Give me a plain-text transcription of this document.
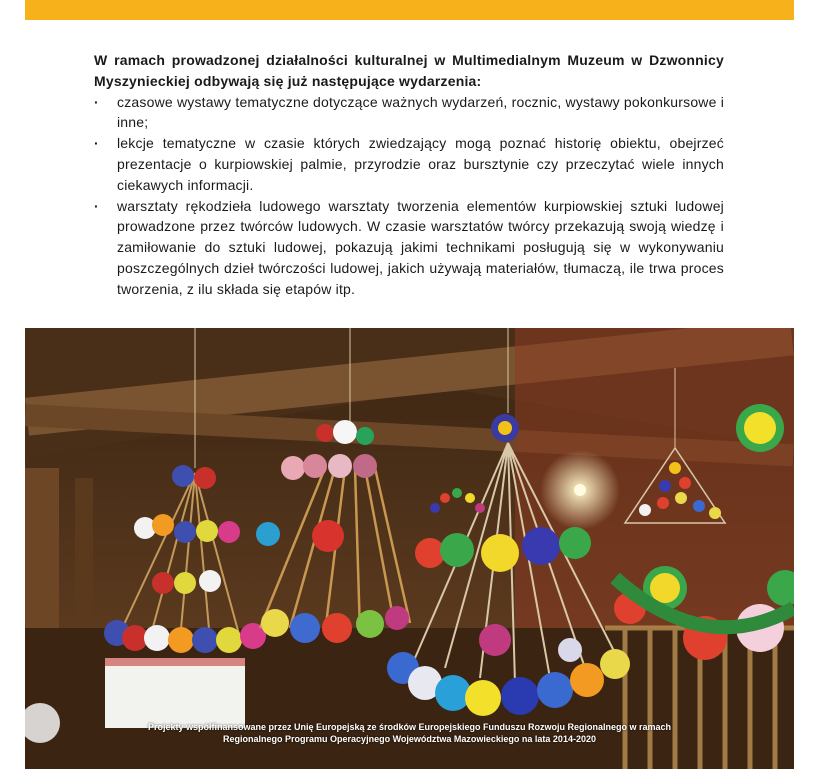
W ramach prowadzonej działalności kulturalnej w Multimedialnym Muzeum w Dzwonnicy Myszynieckiej odbywają się już następujące wydarzenia:

·	czasowe wystawy tematyczne dotyczące ważnych wydarzeń, rocznic, wystawy pokonkursowe i inne;
·	lekcje tematyczne w czasie których zwiedzający mogą poznać historię obiektu, obejrzeć prezentacje o kurpiowskiej palmie, przyrodzie oraz bursztynie czy przeczytać wiele innych ciekawych informacji.
·	warsztaty rękodzieła ludowego warsztaty tworzenia elementów kurpiowskiej sztuki ludowej prowadzone przez twórców ludowych. W czasie warsztatów twórcy przekazują swoją wiedzę i zamiłowanie do sztuki ludowej, pokazują jakimi technikami posługują się w wykonywaniu poszczególnych dzieł twórczości ludowej, jakich używają materiałów, tłumaczą, ile trwa proces tworzenia, z ilu składa się etapów itp.
Projekty współfinansowane przez Unię Europejską ze środków Europejskiego Funduszu Rozwoju Regionalnego w ramach
Regionalnego Programu Operacyjnego Województwa Mazowieckiego na lata 2014-2020
